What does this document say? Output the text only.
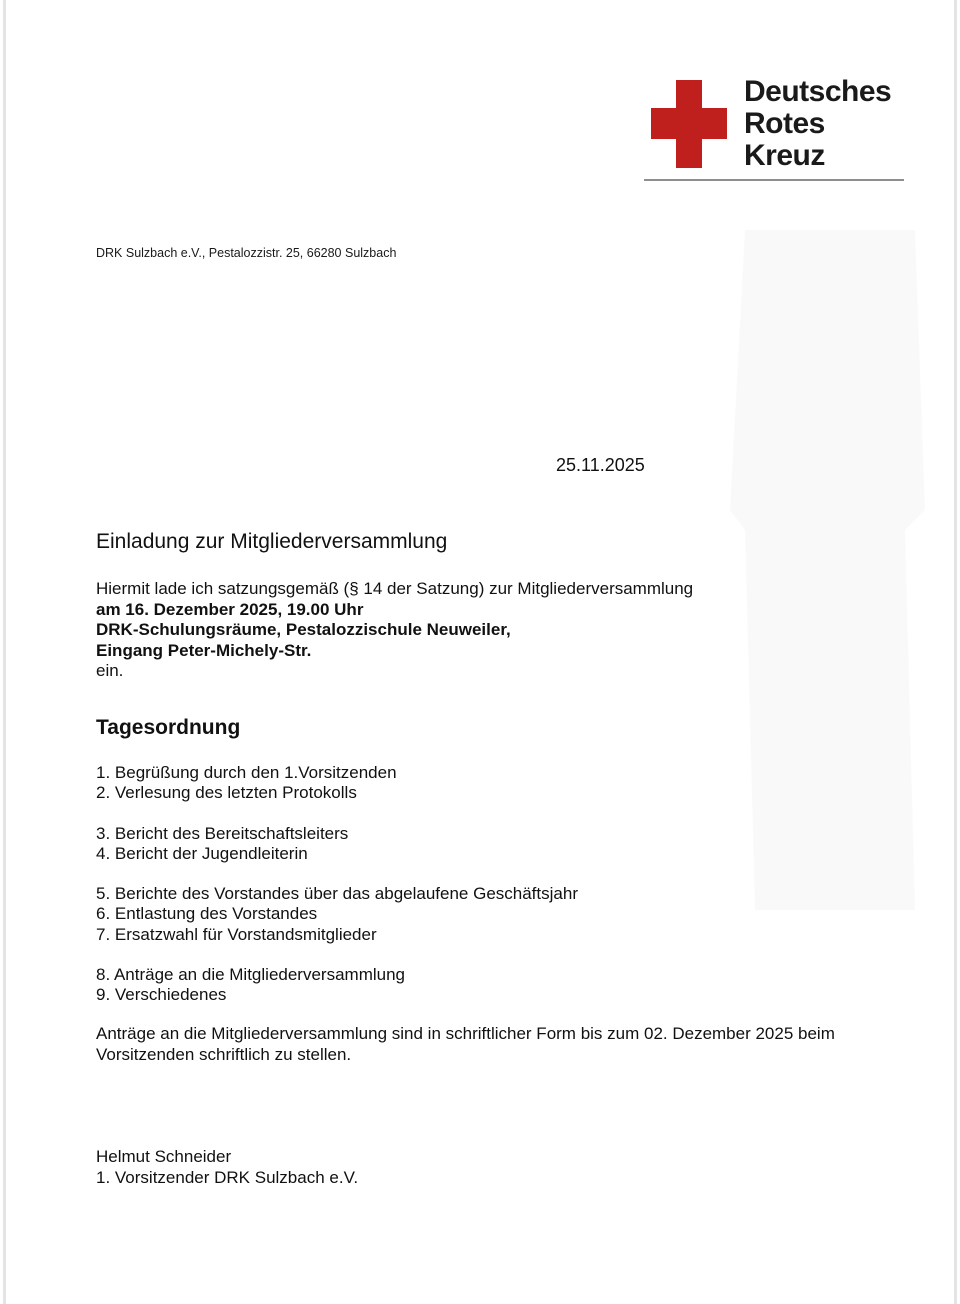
Deutsches
Rotes
Kreuz
DRK Sulzbach e.V., Pestalozzistr. 25, 66280 Sulzbach
25.11.2025
Einladung zur Mitgliederversammlung
Hiermit lade ich satzungsgemäß (§ 14 der Satzung) zur Mitgliederversammlung
am 16. Dezember 2025, 19.00 Uhr
DRK-Schulungsräume, Pestalozzischule Neuweiler,
Eingang Peter-Michely-Str.
ein.
Tagesordnung
1. Begrüßung durch den 1.Vorsitzenden
2. Verlesung des letzten Protokolls
3. Bericht des Bereitschaftsleiters
4. Bericht der Jugendleiterin
5. Berichte des Vorstandes über das abgelaufene Geschäftsjahr
6. Entlastung des Vorstandes
7. Ersatzwahl für Vorstandsmitglieder
8. Anträge an die Mitgliederversammlung
9. Verschiedenes
Anträge an die Mitgliederversammlung sind in schriftlicher Form bis zum 02. Dezember 2025 beim Vorsitzenden schriftlich zu stellen.
Helmut Schneider
1. Vorsitzender DRK Sulzbach e.V.
